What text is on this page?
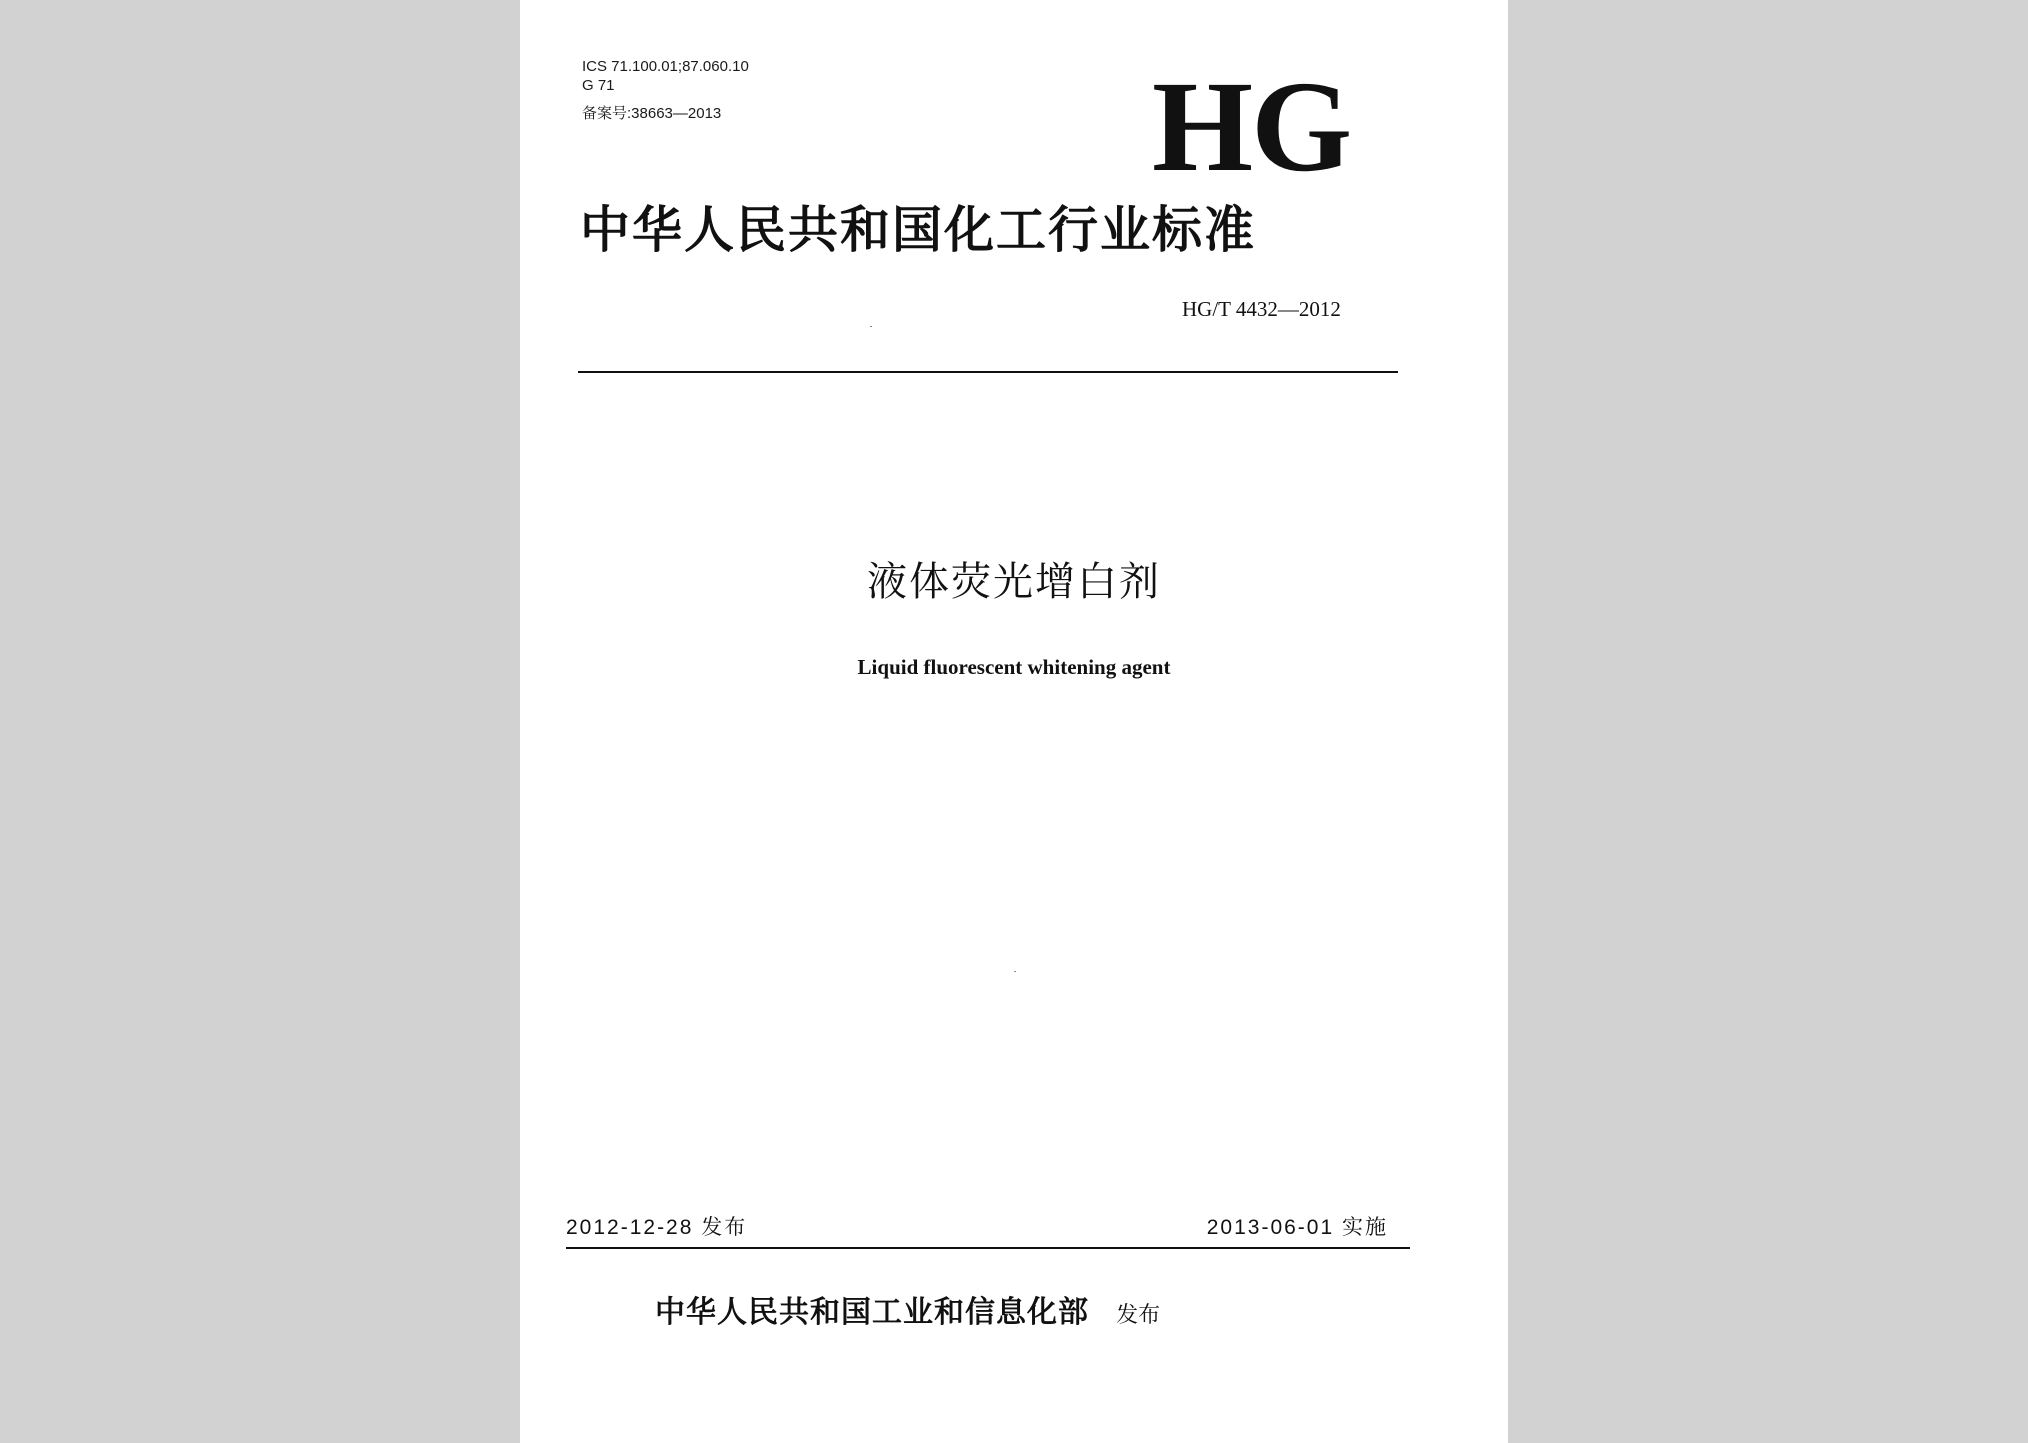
ICS 71.100.01;87.060.10
G 71
备案号:38663—2013	HG
中华人民共和国化工行业标准
HG/T 4432—2012
液体荧光增白剂
Liquid fluorescent whitening agent
2012-12-28 发布	2013-06-01 实施
中华人民共和国工业和信息化部 发布
